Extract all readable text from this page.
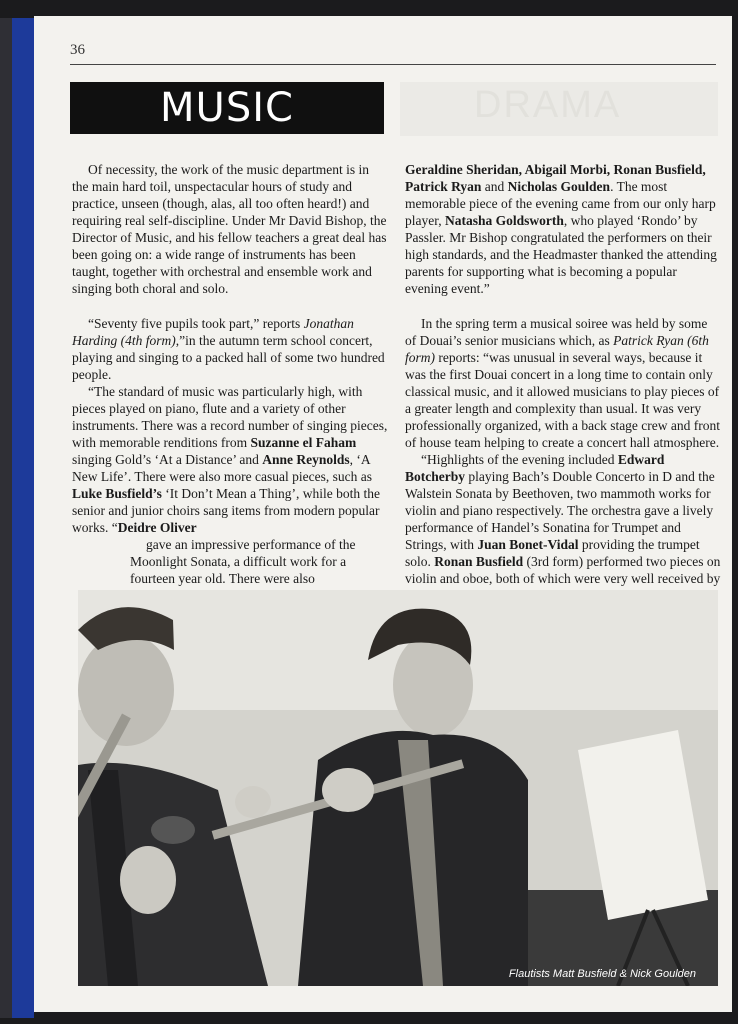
36
DRAMA
MUSIC

Of necessity, the work of the music department is in the main hard toil, unspectacular hours of study and practice, unseen (though, alas, all too often heard!) and requiring real self-discipline. Under Mr David Bishop, the Director of Music, and his fellow teachers a great deal has been going on: a wide range of instruments has been taught, together with orchestral and ensemble work and singing both choral and solo.

“Seventy five pupils took part,” reports Jonathan Harding (4th form),”in the autumn term school concert, playing and singing to a packed hall of some two hundred people.

“The standard of music was particularly high, with pieces played on piano, flute and a variety of other instruments. There was a record number of singing pieces, with memorable renditions from Suzanne el Faham singing Gold’s ‘At a Distance’ and Anne Reynolds, ‘A New Life’. There were also more casual pieces, such as Luke Busfield’s ‘It Don’t Mean a Thing’, while both the senior and junior choirs sang items from modern popular works. “Deidre Oliver
gave an impressive performance of the Moonlight Sonata, a difficult work for a fourteen year old. There were also

Geraldine Sheridan, Abigail Morbi, Ronan Busfield, Patrick Ryan and Nicholas Goulden. The most memorable piece of the evening came from our only harp player, Natasha Goldsworth, who played ‘Rondo’ by Passler. Mr Bishop congratulated the performers on their high standards, and the Headmaster thanked the attending parents for supporting what is becoming a popular evening event.”

In the spring term a musical soiree was held by some of Douai’s senior musicians which, as Patrick Ryan (6th form) reports: “was unusual in several ways, because it was the first Douai concert in a long time to contain only classical music, and it allowed musicians to play pieces of a greater length and complexity than usual. It was very professionally organized, with a back stage crew and front of house team helping to create a concert hall atmosphere.

“Highlights of the evening included Edward Botcherby playing Bach’s Double Concerto in D and the Walstein Sonata by Beethoven, two mammoth works for violin and piano respectively. The orchestra gave a lively performance of Handel’s Sonatina for Trumpet and Strings, with Juan Bonet-Vidal providing the trumpet solo. Ronan Busfield (3rd form) performed two pieces on violin and oboe, both of which were very well received by

Flautists Matt Busfield & Nick Goulden
